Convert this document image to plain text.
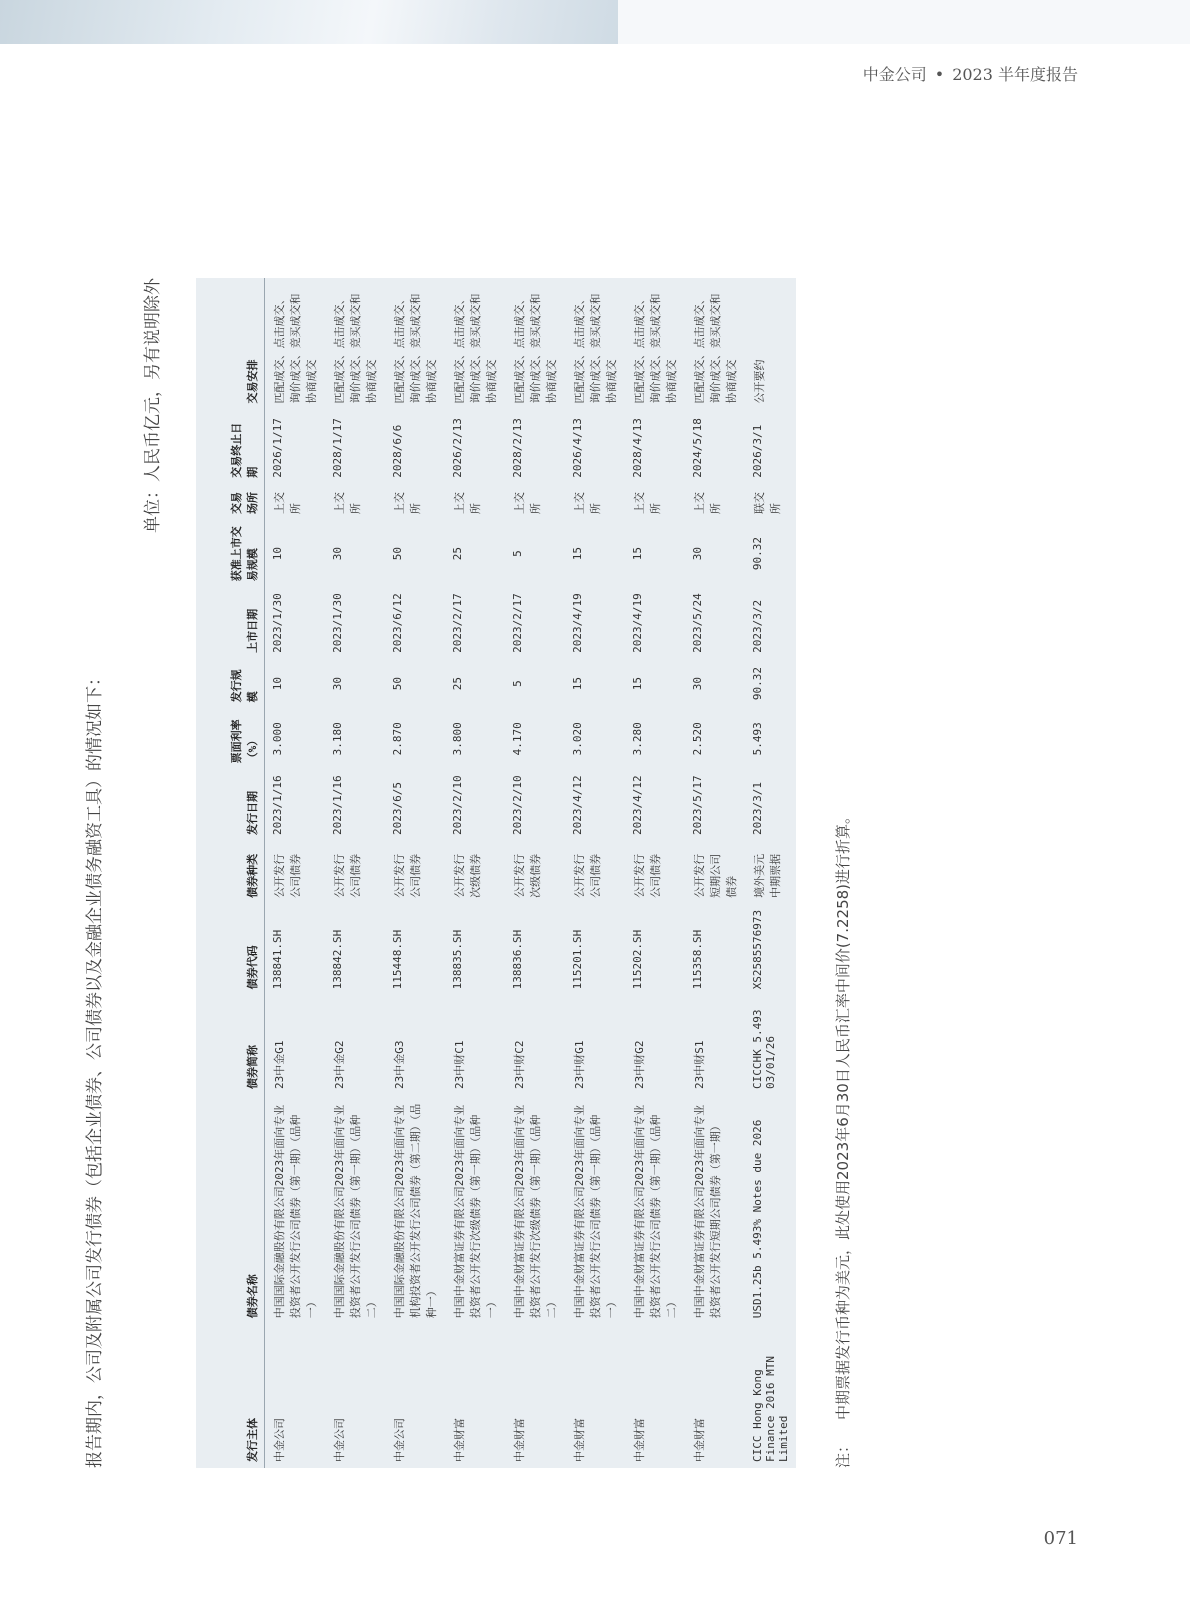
中金公司 • 2023 半年度报告
报告期内，公司及附属公司发行债券（包括企业债券、公司债券以及金融企业债务融资工具）的情况如下：
单位：人民币亿元，另有说明除外
发行主体	债券名称	债券简称	债券代码	债券种类	发行日期	票面利率（%）	发行规模	上市日期	获准上市交易规模	交易场所	交易终止日期	交易安排
中金公司	中国国际金融股份有限公司2023年面向专业投资者公开发行公司债券（第一期）（品种一）	23中金G1	138841.SH	公开发行公司债券	2023/1/16	3.000	10	2023/1/30	10	上交所	2026/1/17	匹配成交、点击成交、询价成交、竞买成交和协商成交
中金公司	中国国际金融股份有限公司2023年面向专业投资者公开发行公司债券（第一期）（品种二）	23中金G2	138842.SH	公开发行公司债券	2023/1/16	3.180	30	2023/1/30	30	上交所	2028/1/17	匹配成交、点击成交、询价成交、竞买成交和协商成交
中金公司	中国国际金融股份有限公司2023年面向专业机构投资者公开发行公司债券（第二期）（品种一）	23中金G3	115448.SH	公开发行公司债券	2023/6/5	2.870	50	2023/6/12	50	上交所	2028/6/6	匹配成交、点击成交、询价成交、竞买成交和协商成交
中金财富	中国中金财富证券有限公司2023年面向专业投资者公开发行次级债券（第一期）（品种一）	23中财C1	138835.SH	公开发行次级债券	2023/2/10	3.800	25	2023/2/17	25	上交所	2026/2/13	匹配成交、点击成交、询价成交、竞买成交和协商成交
中金财富	中国中金财富证券有限公司2023年面向专业投资者公开发行次级债券（第一期）（品种二）	23中财C2	138836.SH	公开发行次级债券	2023/2/10	4.170	5	2023/2/17	5	上交所	2028/2/13	匹配成交、点击成交、询价成交、竞买成交和协商成交
中金财富	中国中金财富证券有限公司2023年面向专业投资者公开发行公司债券（第一期）（品种一）	23中财G1	115201.SH	公开发行公司债券	2023/4/12	3.020	15	2023/4/19	15	上交所	2026/4/13	匹配成交、点击成交、询价成交、竞买成交和协商成交
中金财富	中国中金财富证券有限公司2023年面向专业投资者公开发行公司债券（第一期）（品种二）	23中财G2	115202.SH	公开发行公司债券	2023/4/12	3.280	15	2023/4/19	15	上交所	2028/4/13	匹配成交、点击成交、询价成交、竞买成交和协商成交
中金财富	中国中金财富证券有限公司2023年面向专业投资者公开发行短期公司债券（第一期）	23中财S1	115358.SH	公开发行短期公司债券	2023/5/17	2.520	30	2023/5/24	30	上交所	2024/5/18	匹配成交、点击成交、询价成交、竞买成交和协商成交
CICC Hong Kong Finance 2016 MTN Limited	USD1.25b 5.493% Notes due 2026	CICCHK 5.493 03/01/26	XS2585576973	境外美元中期票据	2023/3/1	5.493	90.32	2023/3/2	90.32	联交所	2026/3/1	公开要约
注：中期票据发行币种为美元，此处使用2023年6月30日人民币汇率中间价(7.2258)进行折算。
071
